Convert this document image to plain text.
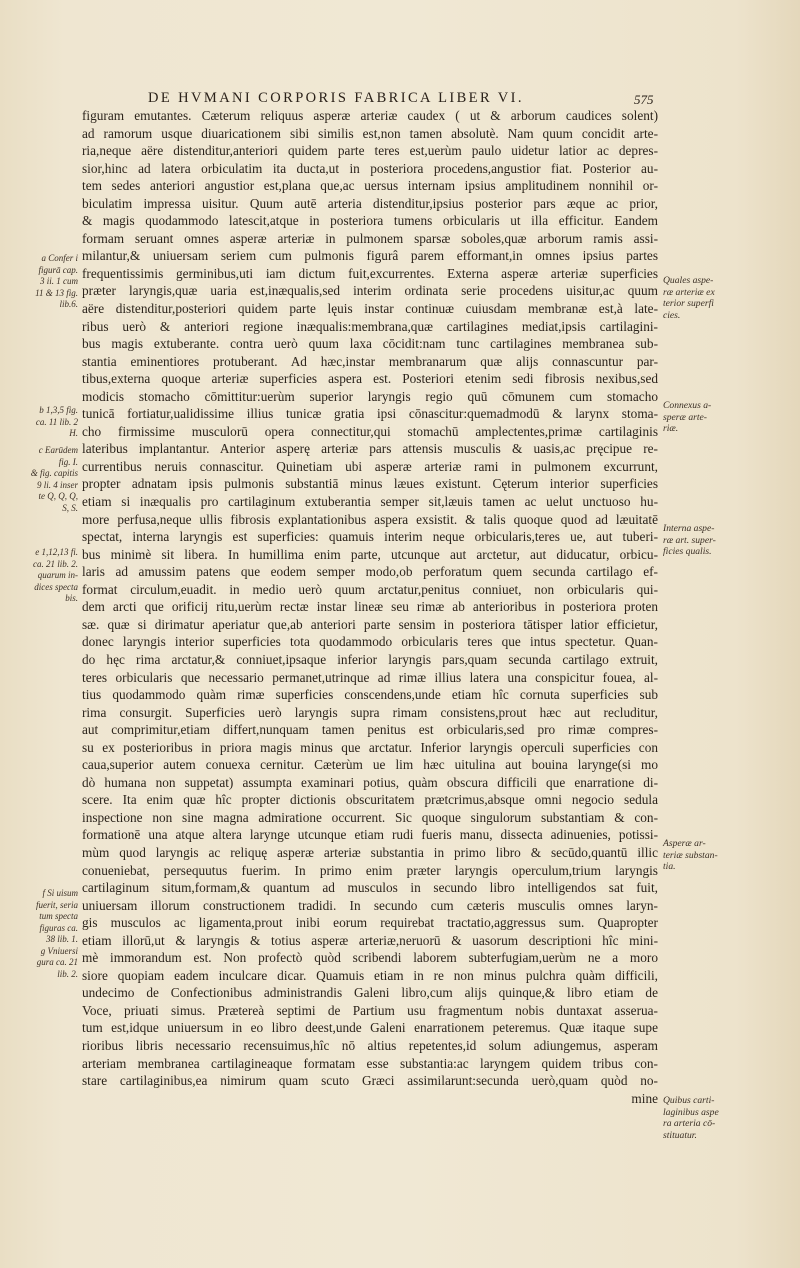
DE HVMANI CORPORIS FABRICA LIBER VI.	575
figuram emutantes. Cæterum reliquus asperæ arteriæ caudex ( ut & arborum caudices solent)
ad ramorum usque diuaricationem sibi similis est,non tamen absolutè. Nam quum concidit arte-
ria,neque aëre distenditur,anteriori quidem parte teres est,uerùm paulo uidetur latior ac depres-
sior,hinc ad latera orbiculatim ita ducta,ut in posteriora procedens,angustior fiat. Posterior au-
tem sedes anteriori angustior est,plana que,ac uersus internam ipsius amplitudinem nonnihil or-
biculatim impressa uisitur. Quum autē arteria distenditur,ipsius posterior pars æque ac prior,
& magis quodammodo latescit,atque in posteriora tumens orbicularis ut illa efficitur. Eandem
formam seruant omnes asperæ arteriæ in pulmonem sparsæ soboles,quæ arborum ramis assi-
milantur,& uniuersam seriem cum pulmonis figurâ parem efformant,in omnes ipsius partes
frequentissimis germinibus,uti iam dictum fuit,excurrentes. Externa asperæ arteriæ superficies
præter laryngis,quæ uaria est,inæqualis,sed interim ordinata serie procedens uisitur,ac quum
aëre distenditur,posteriori quidem parte lęuis instar continuæ cuiusdam membranæ est,à late-
ribus uerò & anteriori regione inæqualis:membrana,quæ cartilagines mediat,ipsis cartilagini-
bus magis extuberante. contra uerò quum laxa cōcidit:nam tunc cartilagines membranea sub-
stantia eminentiores protuberant. Ad hæc,instar membranarum quæ alijs connascuntur par-
tibus,externa quoque arteriæ superficies aspera est. Posteriori etenim sedi fibrosis nexibus,sed
modicis stomacho cōmittitur:uerùm superior laryngis regio quū cōmunem cum stomacho
tunicā fortiatur,ualidissime illius tunicæ gratia ipsi cōnascitur:quemadmodū & larynx stoma-
cho firmissime musculorū opera connectitur,qui stomachū amplectentes,primæ cartilaginis
lateribus implantantur. Anterior asperę arteriæ pars attensis musculis & uasis,ac pręcipue re-
currentibus neruis connascitur. Quinetiam ubi asperæ arteriæ rami in pulmonem excurrunt,
propter adnatam ipsis pulmonis substantiā minus læues existunt. Cęterum interior superficies
etiam si inæqualis pro cartilaginum extuberantia semper sit,læuis tamen ac uelut unctuoso hu-
more perfusa,neque ullis fibrosis explantationibus aspera exsistit. & talis quoque quod ad læuitatē
spectat, interna laryngis est superficies: quamuis interim neque orbicularis,teres ue, aut tuberi-
bus minimè sit libera. In humillima enim parte, utcunque aut arctetur, aut diducatur, orbicu-
laris ad amussim patens que eodem semper modo,ob perforatum quem secunda cartilago ef-
format circulum,euadit. in medio uerò quum arctatur,penitus conniuet, non orbicularis qui-
dem arcti que orificij ritu,uerùm rectæ instar lineæ seu rimæ ab anterioribus in posteriora proten
sæ. quæ si dirimatur aperiatur que,ab anteriori parte sensim in posteriora tātisper latior efficietur,
donec laryngis interior superficies tota quodammodo orbicularis teres que intus spectetur. Quan-
do hęc rima arctatur,& conniuet,ipsaque inferior laryngis pars,quam secunda cartilago extruit,
teres orbicularis que necessario permanet,utrinque ad rimæ illius latera una conspicitur fouea, al-
tius quodammodo quàm rimæ superficies conscendens,unde etiam hîc cornuta superficies sub
rima consurgit. Superficies uerò laryngis supra rimam consistens,prout hæc aut recluditur,
aut comprimitur,etiam differt,nunquam tamen penitus est orbicularis,sed pro rimæ compres-
su ex posterioribus in priora magis minus que arctatur. Inferior laryngis operculi superficies con
caua,superior autem conuexa cernitur. Cæterùm ue lim hæc uitulina aut bouina larynge(si mo
dò humana non suppetat) assumpta examinari potius, quàm obscura difficili que enarratione di-
scere. Ita enim quæ hîc propter dictionis obscuritatem prætcrimus,absque omni negocio sedula
inspectione non sine magna admiratione occurrent. Sic quoque singulorum substantiam & con-
formationē una atque altera larynge utcunque etiam rudi fueris manu, dissecta adinuenies, potissi-
mùm quod laryngis ac reliquę asperæ arteriæ substantia in primo libro & secūdo,quantū illic
conueniebat, persequutus fuerim. In primo enim præter laryngis operculum,trium laryngis
cartilaginum situm,formam,& quantum ad musculos in secundo libro intelligendos sat fuit,
uniuersam illorum constructionem tradidi. In secundo cum cæteris musculis omnes laryn-
gis musculos ac ligamenta,prout inibi eorum requirebat tractatio,aggressus sum. Quapropter
etiam illorū,ut & laryngis & totius asperæ arteriæ,neruorū & uasorum descriptioni hîc mini-
mè immorandum est. Non profectò quòd scribendi laborem subterfugiam,uerùm ne a moro
siore quopiam eadem inculcare dicar. Quamuis etiam in re non minus pulchra quàm difficili,
undecimo de Confectionibus administrandis Galeni libro,cum alijs quinque,& libro etiam de
Voce, priuati simus. Prætereà septimi de Partium usu fragmentum nobis duntaxat asserua-
tum est,idque uniuersum in eo libro deest,unde Galeni enarrationem peteremus. Quæ itaque supe
rioribus libris necessario recensuimus,hîc nō altius repetentes,id solum adiungemus, asperam
arteriam membranea cartilagineaque formatam esse substantia:ac laryngem quidem tribus con-
stare cartilaginibus,ea nimirum quam scuto Græci assimilarunt:secunda uerò,quam quòd no-
mine
a Confer i
figurā cap.
3 ii. 1 cum
11 & 13 fig.
lib.6.
b 1,3,5 fig.
ca. 11 lib. 2
H.
c Earūdem
fig. I.
& fig. capitis
9 li. 4 inser
te Q, Q, Q,
S, S.
e 1,12,13 fi.
ca. 21 lib. 2.
quarum in-
dices specta
bis.
f Si uisum
fuerit, seria
tum specta
figuras ca.
38 lib. 1.
g Vniuersi
gura ca. 21
lib. 2.
Quales aspe-
ræ arteriæ ex
terior superfi
cies.
Connexus a-
speræ arte-
riæ.
Interna aspe-
ræ art. super-
ficies qualis.
Asperæ ar-
teriæ substan-
tia.
Quibus carti-
laginibus aspe
ra arteria cō-
stituatur.
